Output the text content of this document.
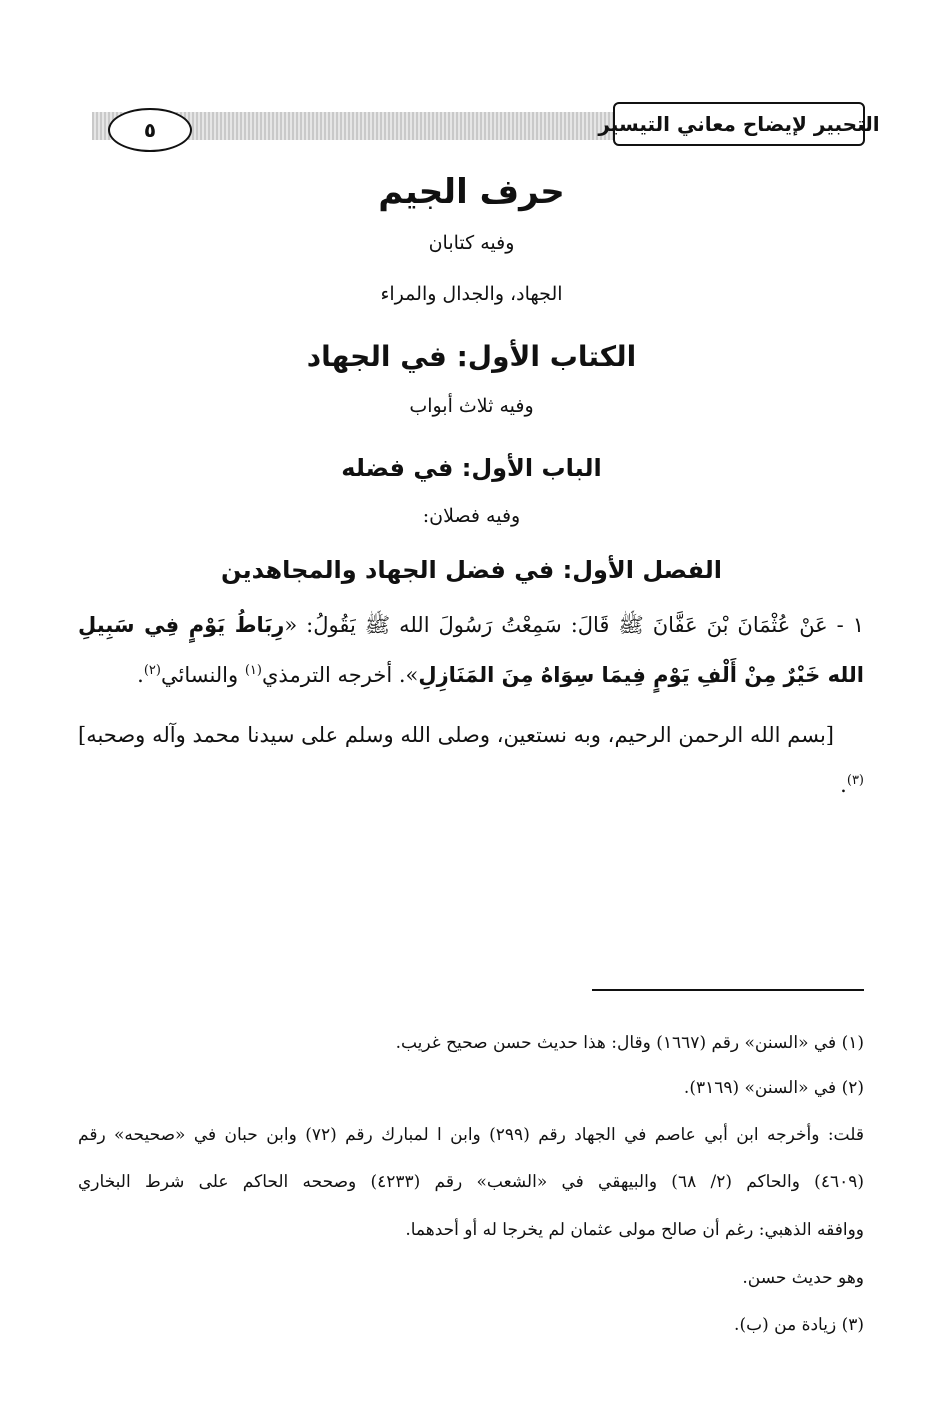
التحبير لإيضاح معاني التيسير
٥
حرف الجيم
وفيه كتابان
الجهاد، والجدال والمراء
الكتاب الأول: في الجهاد
وفيه ثلاث أبواب
الباب الأول: في فضله
وفيه فصلان:
الفصل الأول: في فضل الجهاد والمجاهدين
١ - عَنْ عُثْمَانَ بْنَ عَفَّانَ ﷺ قَالَ: سَمِعْتُ رَسُولَ الله ﷺ يَقُولُ: «رِبَاطُ يَوْمٍ فِي سَبِيلِ الله خَيْرٌ مِنْ أَلْفِ يَوْمٍ فِيمَا سِوَاهُ مِنَ المَنَازِلِ». أخرجه الترمذي$^{(١)}$ والنسائي$^{(٢)}$.
[بسم الله الرحمن الرحيم، وبه نستعين، وصلى الله وسلم على سيدنا محمد وآله وصحبه]$^{(٣)}$.
(١) في «السنن» رقم (١٦٦٧) وقال: هذا حديث حسن صحيح غريب.
(٢) في «السنن» (٣١٦٩).
قلت: وأخرجه ابن أبي عاصم في الجهاد رقم (٢٩٩) وابن ا لمبارك رقم (٧٢) وابن حبان في «صحيحه» رقم
(٤٦٠٩) والحاكم (٢/ ٦٨) والبيهقي في «الشعب» رقم (٤٢٣٣) وصححه الحاكم على شرط البخاري
ووافقه الذهبي: رغم أن صالح مولى عثمان لم يخرجا له أو أحدهما.
وهو حديث حسن.
(٣) زيادة من (ب).
